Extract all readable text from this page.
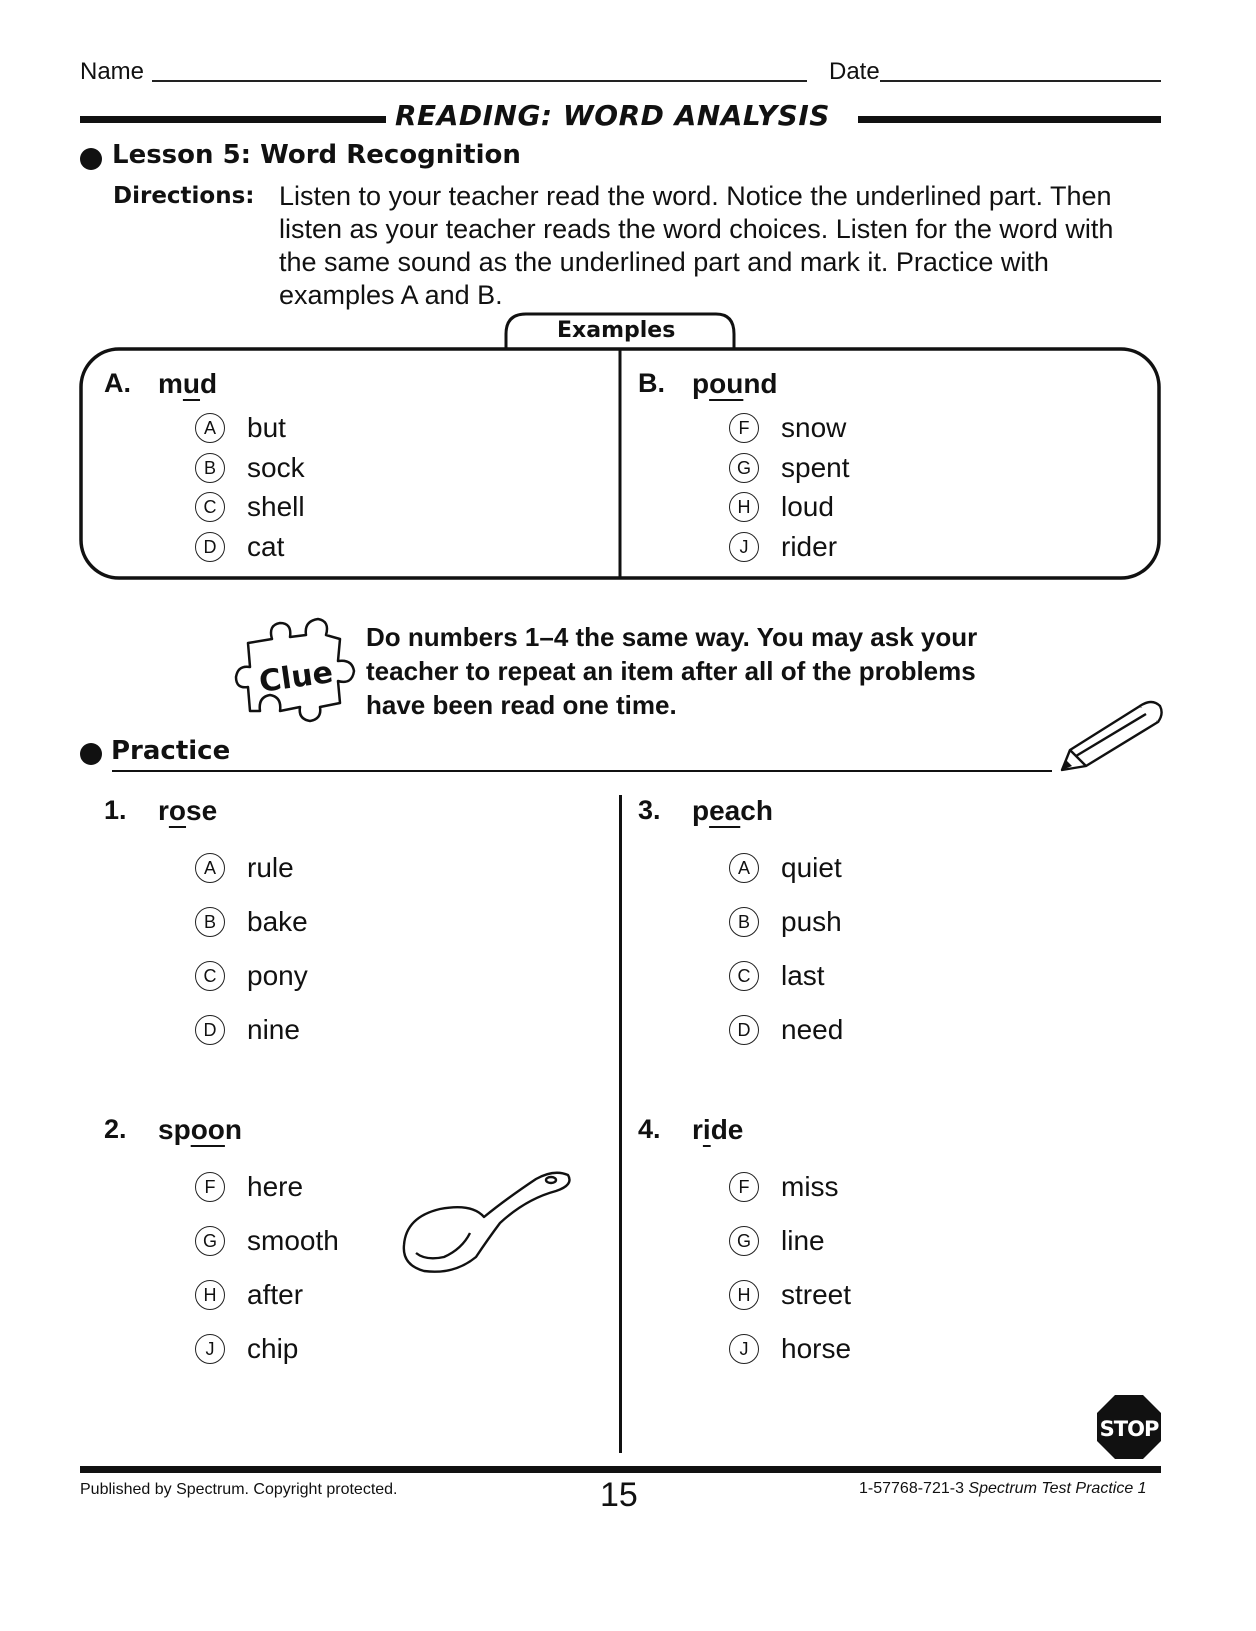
Name	Date
READING: WORD ANALYSIS
Lesson 5: Word Recognition
Directions: Listen to your teacher read the word. Notice the underlined part. Then
listen as your teacher reads the word choices. Listen for the word with
the same sound as the underlined part and mark it. Practice with
examples A and B.
Examples
A. mud
A	but
B	sock
C	shell
D	cat
B. pound
F	snow
G spent
H	loud
J	rider
Clue
Do numbers 1–4 the same way. You may ask your
teacher to repeat an item after all of the problems
have been read one time.
Practice
1. rose
A	rule
B	bake
C	pony
D	nine
2. spoon
F	here
G smooth
H	after
J	chip
3. peach
A	quiet
B	push
C	last
D	need
4. ride
F	miss
G line
H	street
J	horse
STOP
Published by Spectrum. Copyright protected.	15	1-57768-721-3 Spectrum Test Practice 1
